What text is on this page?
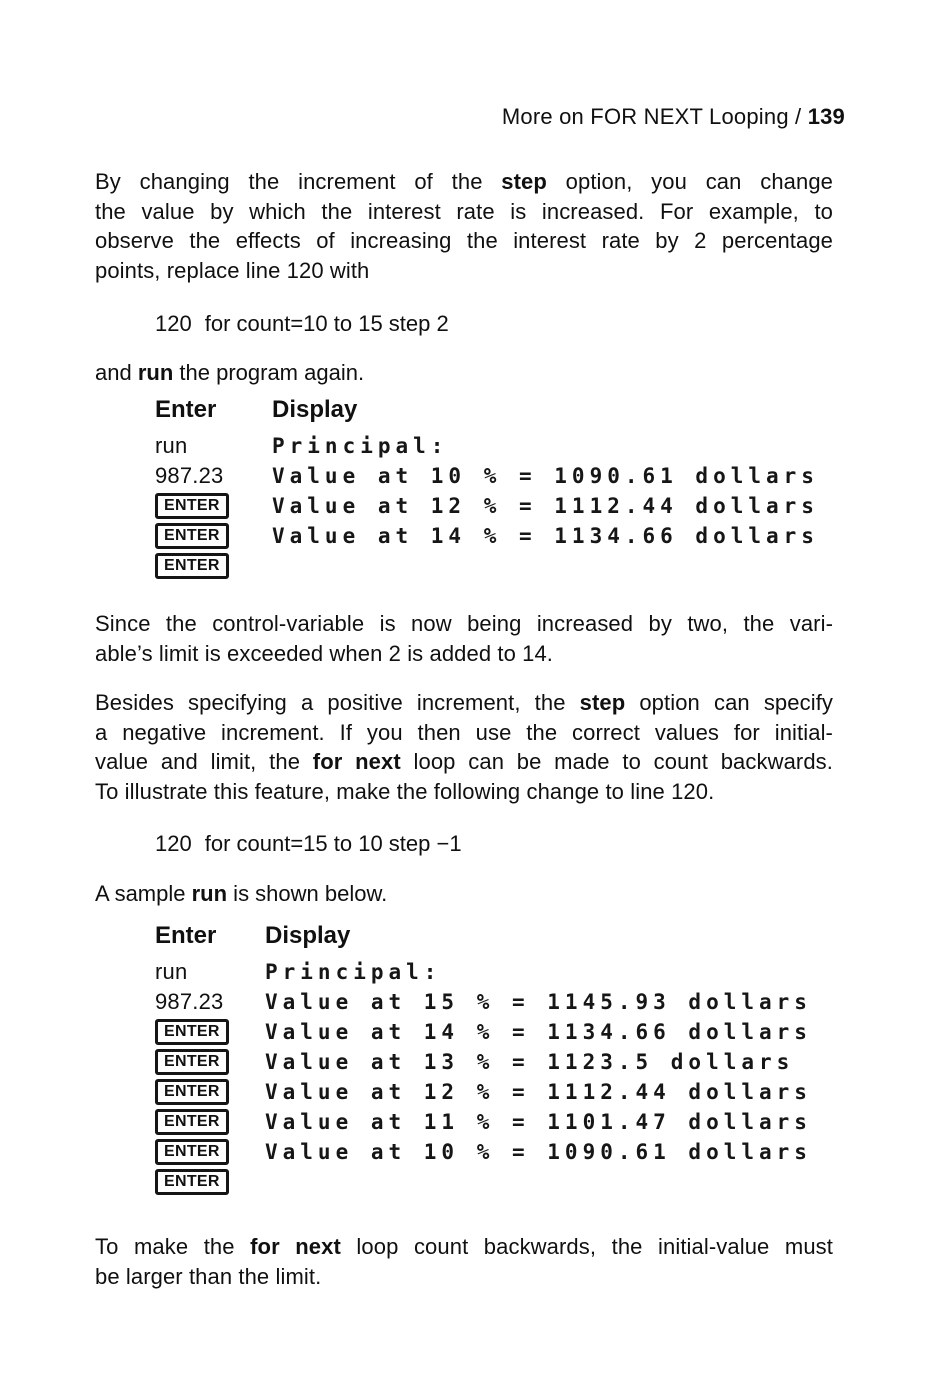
More on FOR NEXT Looping / 139
By changing the increment of the step option, you can change
the value by which the interest rate is increased. For example, to
observe the effects of increasing the interest rate by 2 percentage
points, replace line 120 with
120 for count=10 to 15 step 2
and run the program again.
Enter	Display
run	Principal:
987.23 Value at 10 % = 1090.61 dollars
ENTER	Value at 12 % = 1112.44 dollars
ENTER	Value at 14 % = 1134.66 dollars
ENTER
Since the control-variable is now being increased by two, the vari-
able’s limit is exceeded when 2 is added to 14.
Besides specifying a positive increment, the step option can specify
a negative increment. If you then use the correct values for initial-
value and limit, the for next loop can be made to count backwards.
To illustrate this feature, make the following change to line 120.
120 for count=15 to 10 step −1
A sample run is shown below.
Enter	Display
run	Principal:
987.23 Value at 15 % = 1145.93 dollars
ENTER	Value at 14 % = 1134.66 dollars
ENTER	Value at 13 % = 1123.5 dollars
ENTER	Value at 12 % = 1112.44 dollars
ENTER	Value at 11 % = 1101.47 dollars
ENTER	Value at 10 % = 1090.61 dollars
ENTER
To make the for next loop count backwards, the initial-value must
be larger than the limit.
